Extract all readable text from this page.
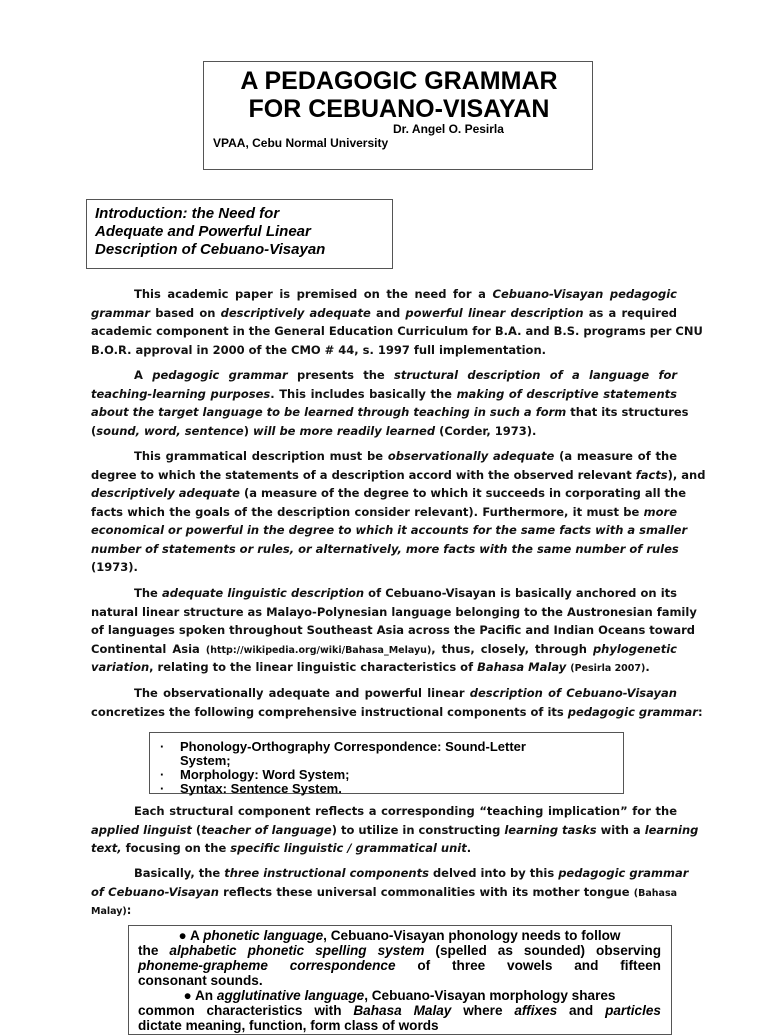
A PEDAGOGIC GRAMMAR
FOR CEBUANO-VISAYAN
Dr. Angel O. Pesirla
VPAA, Cebu Normal University
Introduction: the Need for
Adequate and Powerful Linear
Description of Cebuano-Visayan
This academic paper is premised on the need for a Cebuano-Visayan pedagogic
grammar based on descriptively adequate and powerful linear description as a required
academic component in the General Education Curriculum for B.A. and B.S. programs per CNU
B.O.R. approval in 2000 of the CMO # 44, s. 1997 full implementation.
A pedagogic grammar presents the structural description of a language for
teaching-learning purposes. This includes basically the making of descriptive statements
about the target language to be learned through teaching in such a form that its structures
(sound, word, sentence) will be more readily learned (Corder, 1973).
This grammatical description must be observationally adequate (a measure of the
degree to which the statements of a description accord with the observed relevant facts), and
descriptively adequate (a measure of the degree to which it succeeds in corporating all the
facts which the goals of the description consider relevant). Furthermore, it must be more
economical or powerful in the degree to which it accounts for the same facts with a smaller
number of statements or rules, or alternatively, more facts with the same number of rules
(1973).
The adequate linguistic description of Cebuano-Visayan is basically anchored on its
natural linear structure as Malayo-Polynesian language belonging to the Austronesian family
of languages spoken throughout Southeast Asia across the Pacific and Indian Oceans toward
Continental Asia (http://wikipedia.org/wiki/Bahasa_Melayu), thus, closely, through phylogenetic
variation, relating to the linear linguistic characteristics of Bahasa Malay (Pesirla 2007).
The observationally adequate and powerful linear description of Cebuano-Visayan
concretizes the following comprehensive instructional components of its pedagogic grammar:
· Phonology-Orthography Correspondence: Sound-Letter
System;
· Morphology: Word System;
· Syntax: Sentence System.
Each structural component reflects a corresponding “teaching implication” for the
applied linguist (teacher of language) to utilize in constructing learning tasks with a learning
text, focusing on the specific linguistic / grammatical unit.
Basically, the three instructional components delved into by this pedagogic grammar
of Cebuano-Visayan reflects these universal commonalities with its mother tongue (Bahasa
Malay):
● A phonetic language, Cebuano-Visayan phonology needs to follow
the alphabetic phonetic spelling system (spelled as sounded) observing
phoneme-grapheme correspondence of three vowels and fifteen
consonant sounds.
● An agglutinative language, Cebuano-Visayan morphology shares
common characteristics with Bahasa Malay where affixes and particles
dictate meaning, function, form class of words
